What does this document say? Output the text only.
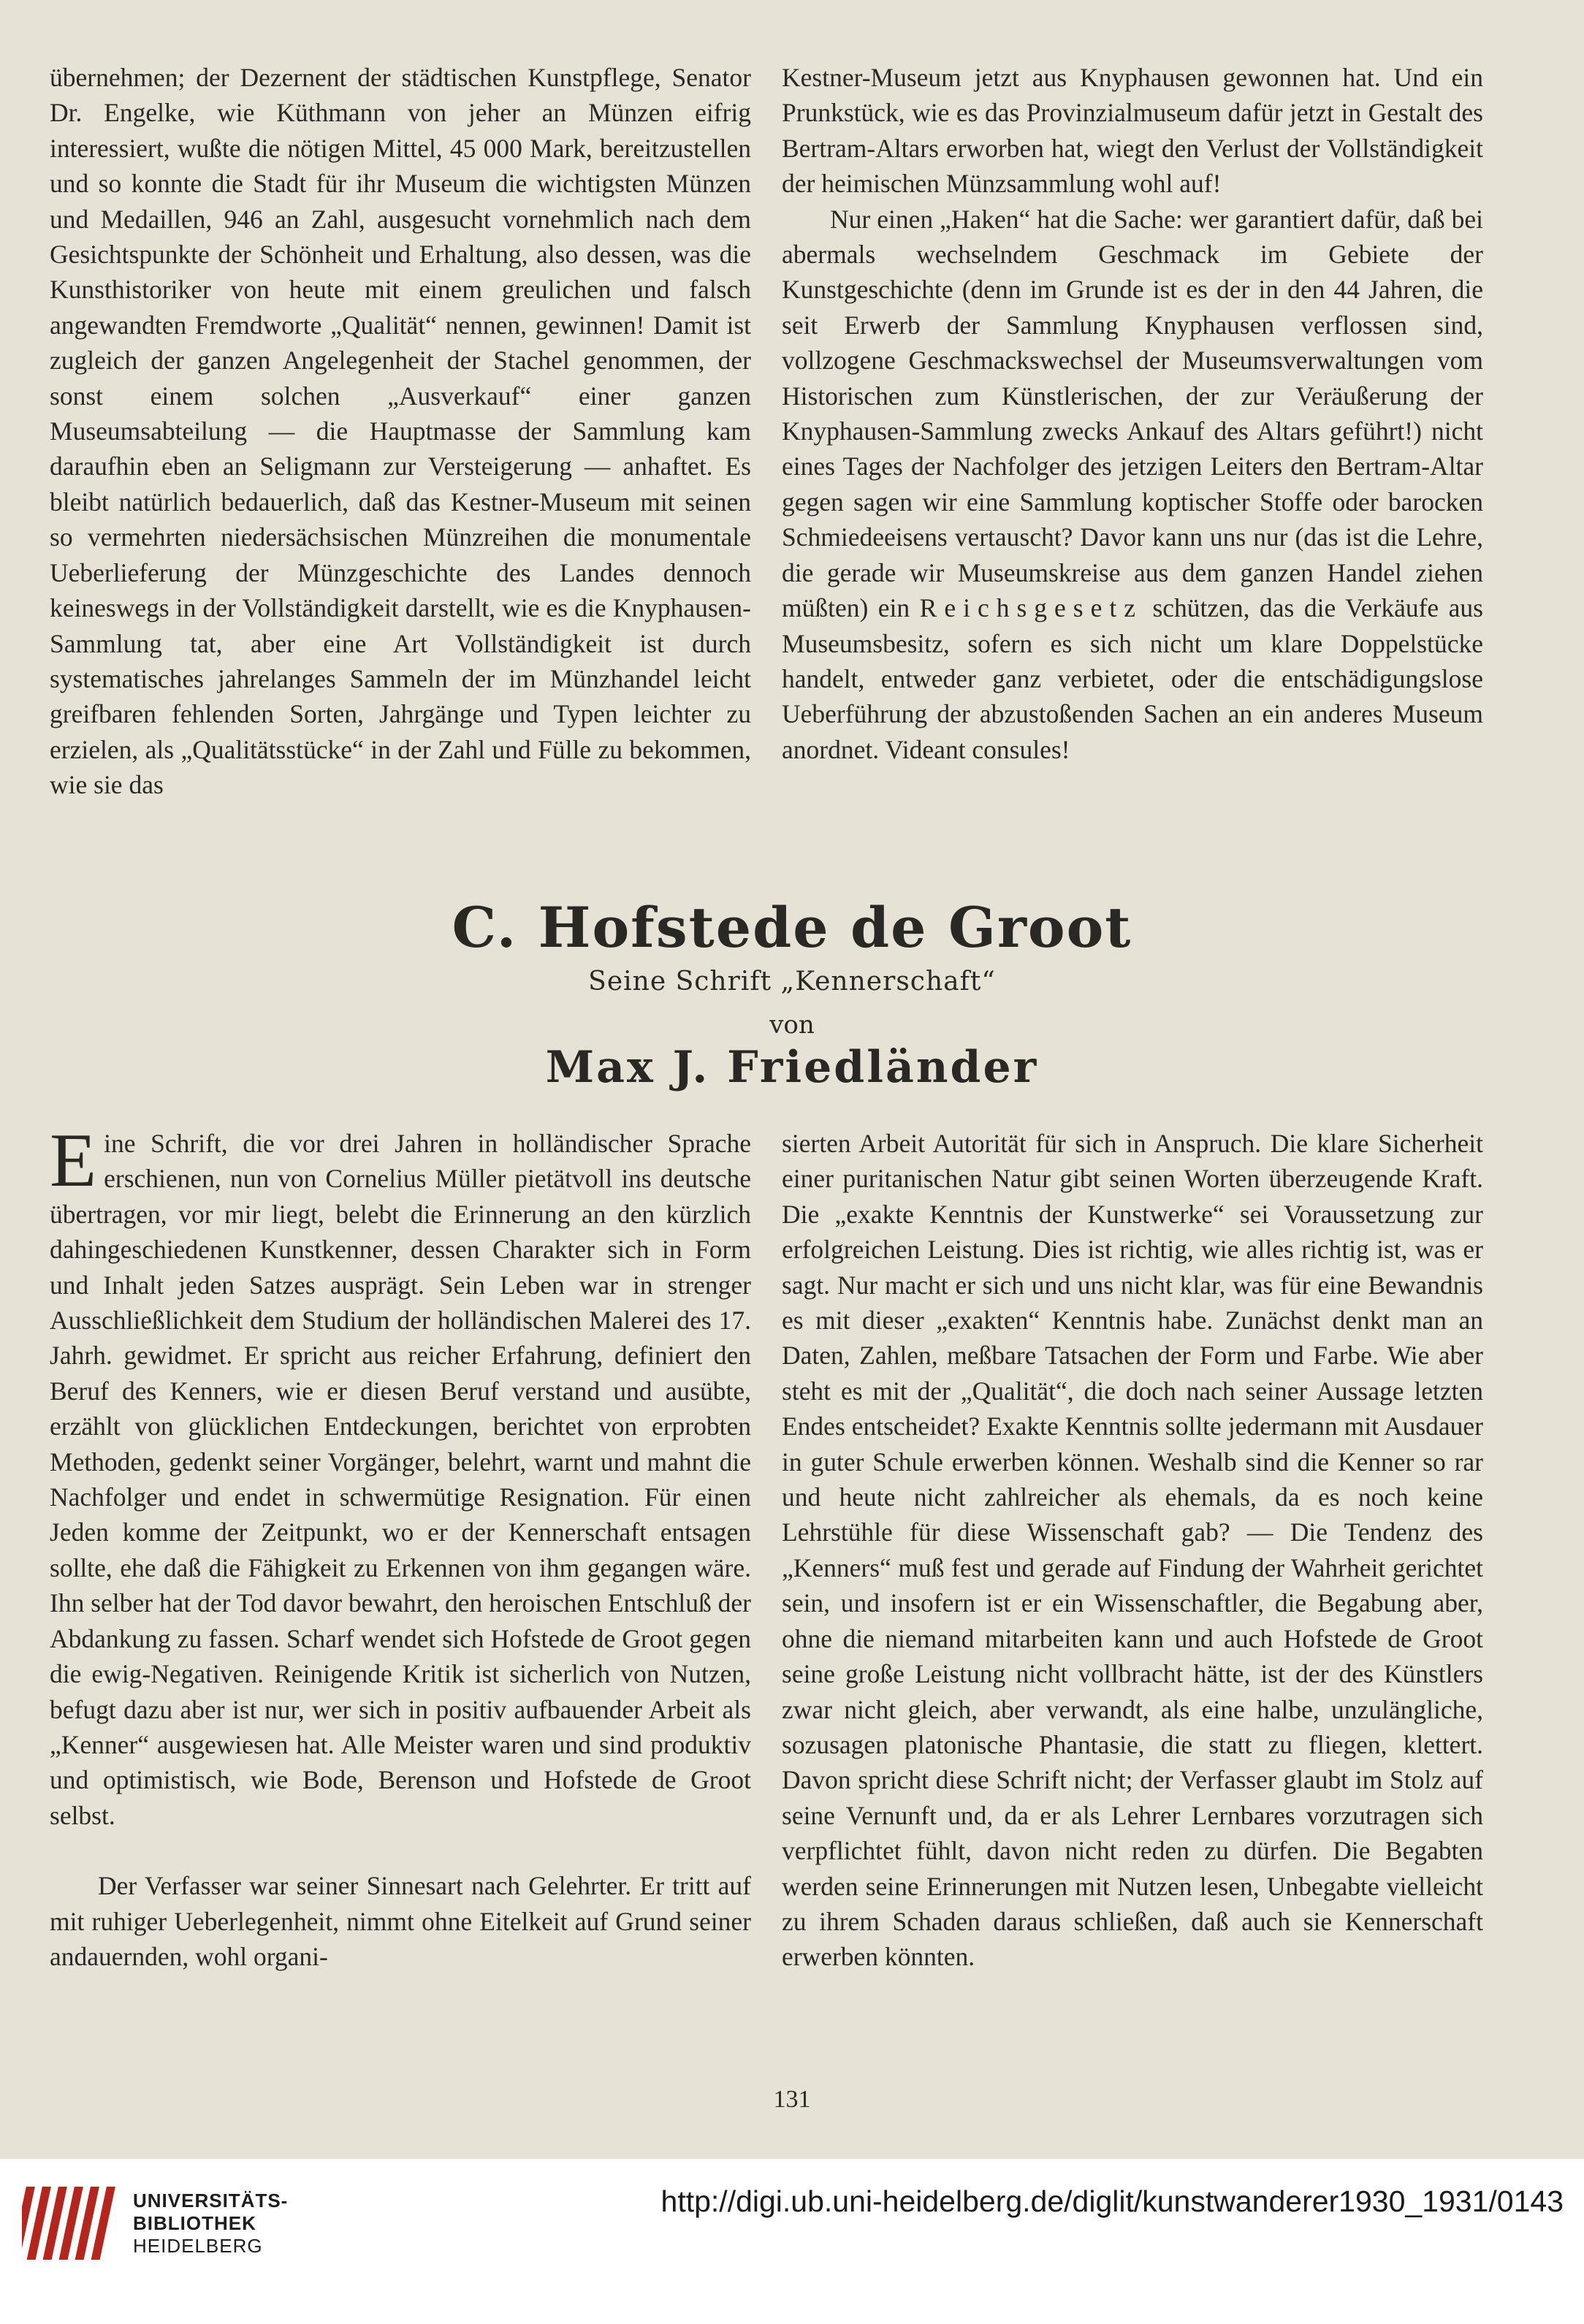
übernehmen; der Dezernent der städtischen Kunstpflege, Senator Dr. Engelke, wie Küthmann von jeher an Münzen eifrig interessiert, wußte die nötigen Mittel, 45 000 Mark, bereitzustellen und so konnte die Stadt für ihr Museum die wichtigsten Münzen und Medaillen, 946 an Zahl, ausgesucht vornehmlich nach dem Gesichtspunkte der Schönheit und Erhaltung, also dessen, was die Kunsthistoriker von heute mit einem greulichen und falsch angewandten Fremdworte „Qualität“ nennen, gewinnen! Damit ist zugleich der ganzen Angelegenheit der Stachel genommen, der sonst einem solchen „Ausverkauf“ einer ganzen Museumsabteilung — die Hauptmasse der Sammlung kam daraufhin eben an Seligmann zur Versteigerung — anhaftet. Es bleibt natürlich bedauerlich, daß das Kestner-Museum mit seinen so vermehrten niedersächsischen Münzreihen die monumentale Ueberlieferung der Münzgeschichte des Landes dennoch keineswegs in der Vollständigkeit darstellt, wie es die Knyphausen-Sammlung tat, aber eine Art Vollständigkeit ist durch systematisches jahrelanges Sammeln der im Münzhandel leicht greifbaren fehlenden Sorten, Jahrgänge und Typen leichter zu erzielen, als „Qualitätsstücke“ in der Zahl und Fülle zu bekommen, wie sie das

Kestner-Museum jetzt aus Knyphausen gewonnen hat. Und ein Prunkstück, wie es das Provinzialmuseum dafür jetzt in Gestalt des Bertram-Altars erworben hat, wiegt den Verlust der Vollständigkeit der heimischen Münzsammlung wohl auf!

Nur einen „Haken“ hat die Sache: wer garantiert dafür, daß bei abermals wechselndem Geschmack im Gebiete der Kunstgeschichte (denn im Grunde ist es der in den 44 Jahren, die seit Erwerb der Sammlung Knyphausen verflossen sind, vollzogene Geschmackswechsel der Museumsverwaltungen vom Historischen zum Künstlerischen, der zur Veräußerung der Knyphausen-Sammlung zwecks Ankauf des Altars geführt!) nicht eines Tages der Nachfolger des jetzigen Leiters den Bertram-Altar gegen sagen wir eine Sammlung koptischer Stoffe oder barocken Schmiedeeisens vertauscht? Davor kann uns nur (das ist die Lehre, die gerade wir Museumskreise aus dem ganzen Handel ziehen müßten) ein Reichsgesetz schützen, das die Verkäufe aus Museumsbesitz, sofern es sich nicht um klare Doppelstücke handelt, entweder ganz verbietet, oder die entschädigungslose Ueberführung der abzustoßenden Sachen an ein anderes Museum anordnet. Videant consules!

C. Hofstede de Groot
Seine Schrift „Kennerschaft“
von
Max J. Friedländer

Eine Schrift, die vor drei Jahren in holländischer Sprache erschienen, nun von Cornelius Müller pietätvoll ins deutsche übertragen, vor mir liegt, belebt die Erinnerung an den kürzlich dahingeschiedenen Kunstkenner, dessen Charakter sich in Form und Inhalt jeden Satzes ausprägt. Sein Leben war in strenger Ausschließlichkeit dem Studium der holländischen Malerei des 17. Jahrh. gewidmet. Er spricht aus reicher Erfahrung, definiert den Beruf des Kenners, wie er diesen Beruf verstand und ausübte, erzählt von glücklichen Entdeckungen, berichtet von erprobten Methoden, gedenkt seiner Vorgänger, belehrt, warnt und mahnt die Nachfolger und endet in schwermütige Resignation. Für einen Jeden komme der Zeitpunkt, wo er der Kennerschaft entsagen sollte, ehe daß die Fähigkeit zu Erkennen von ihm gegangen wäre. Ihn selber hat der Tod davor bewahrt, den heroischen Entschluß der Abdankung zu fassen. Scharf wendet sich Hofstede de Groot gegen die ewig-Negativen. Reinigende Kritik ist sicherlich von Nutzen, befugt dazu aber ist nur, wer sich in positiv aufbauender Arbeit als „Kenner“ ausgewiesen hat. Alle Meister waren und sind produktiv und optimistisch, wie Bode, Berenson und Hofstede de Groot selbst.

Der Verfasser war seiner Sinnesart nach Gelehrter. Er tritt auf mit ruhiger Ueberlegenheit, nimmt ohne Eitelkeit auf Grund seiner andauernden, wohl organi-

sierten Arbeit Autorität für sich in Anspruch. Die klare Sicherheit einer puritanischen Natur gibt seinen Worten überzeugende Kraft. Die „exakte Kenntnis der Kunstwerke“ sei Voraussetzung zur erfolgreichen Leistung. Dies ist richtig, wie alles richtig ist, was er sagt. Nur macht er sich und uns nicht klar, was für eine Bewandnis es mit dieser „exakten“ Kenntnis habe. Zunächst denkt man an Daten, Zahlen, meßbare Tatsachen der Form und Farbe. Wie aber steht es mit der „Qualität“, die doch nach seiner Aussage letzten Endes entscheidet? Exakte Kenntnis sollte jedermann mit Ausdauer in guter Schule erwerben können. Weshalb sind die Kenner so rar und heute nicht zahlreicher als ehemals, da es noch keine Lehrstühle für diese Wissenschaft gab? — Die Tendenz des „Kenners“ muß fest und gerade auf Findung der Wahrheit gerichtet sein, und insofern ist er ein Wissenschaftler, die Begabung aber, ohne die niemand mitarbeiten kann und auch Hofstede de Groot seine große Leistung nicht vollbracht hätte, ist der des Künstlers zwar nicht gleich, aber verwandt, als eine halbe, unzulängliche, sozusagen platonische Phantasie, die statt zu fliegen, klettert. Davon spricht diese Schrift nicht; der Verfasser glaubt im Stolz auf seine Vernunft und, da er als Lehrer Lernbares vorzutragen sich verpflichtet fühlt, davon nicht reden zu dürfen. Die Begabten werden seine Erinnerungen mit Nutzen lesen, Unbegabte vielleicht zu ihrem Schaden daraus schließen, daß auch sie Kennerschaft erwerben könnten.

131
UNIVERSITÄTS-
BIBLIOTHEK
HEIDELBERG
http://digi.ub.uni-heidelberg.de/diglit/kunstwanderer1930_1931/0143
